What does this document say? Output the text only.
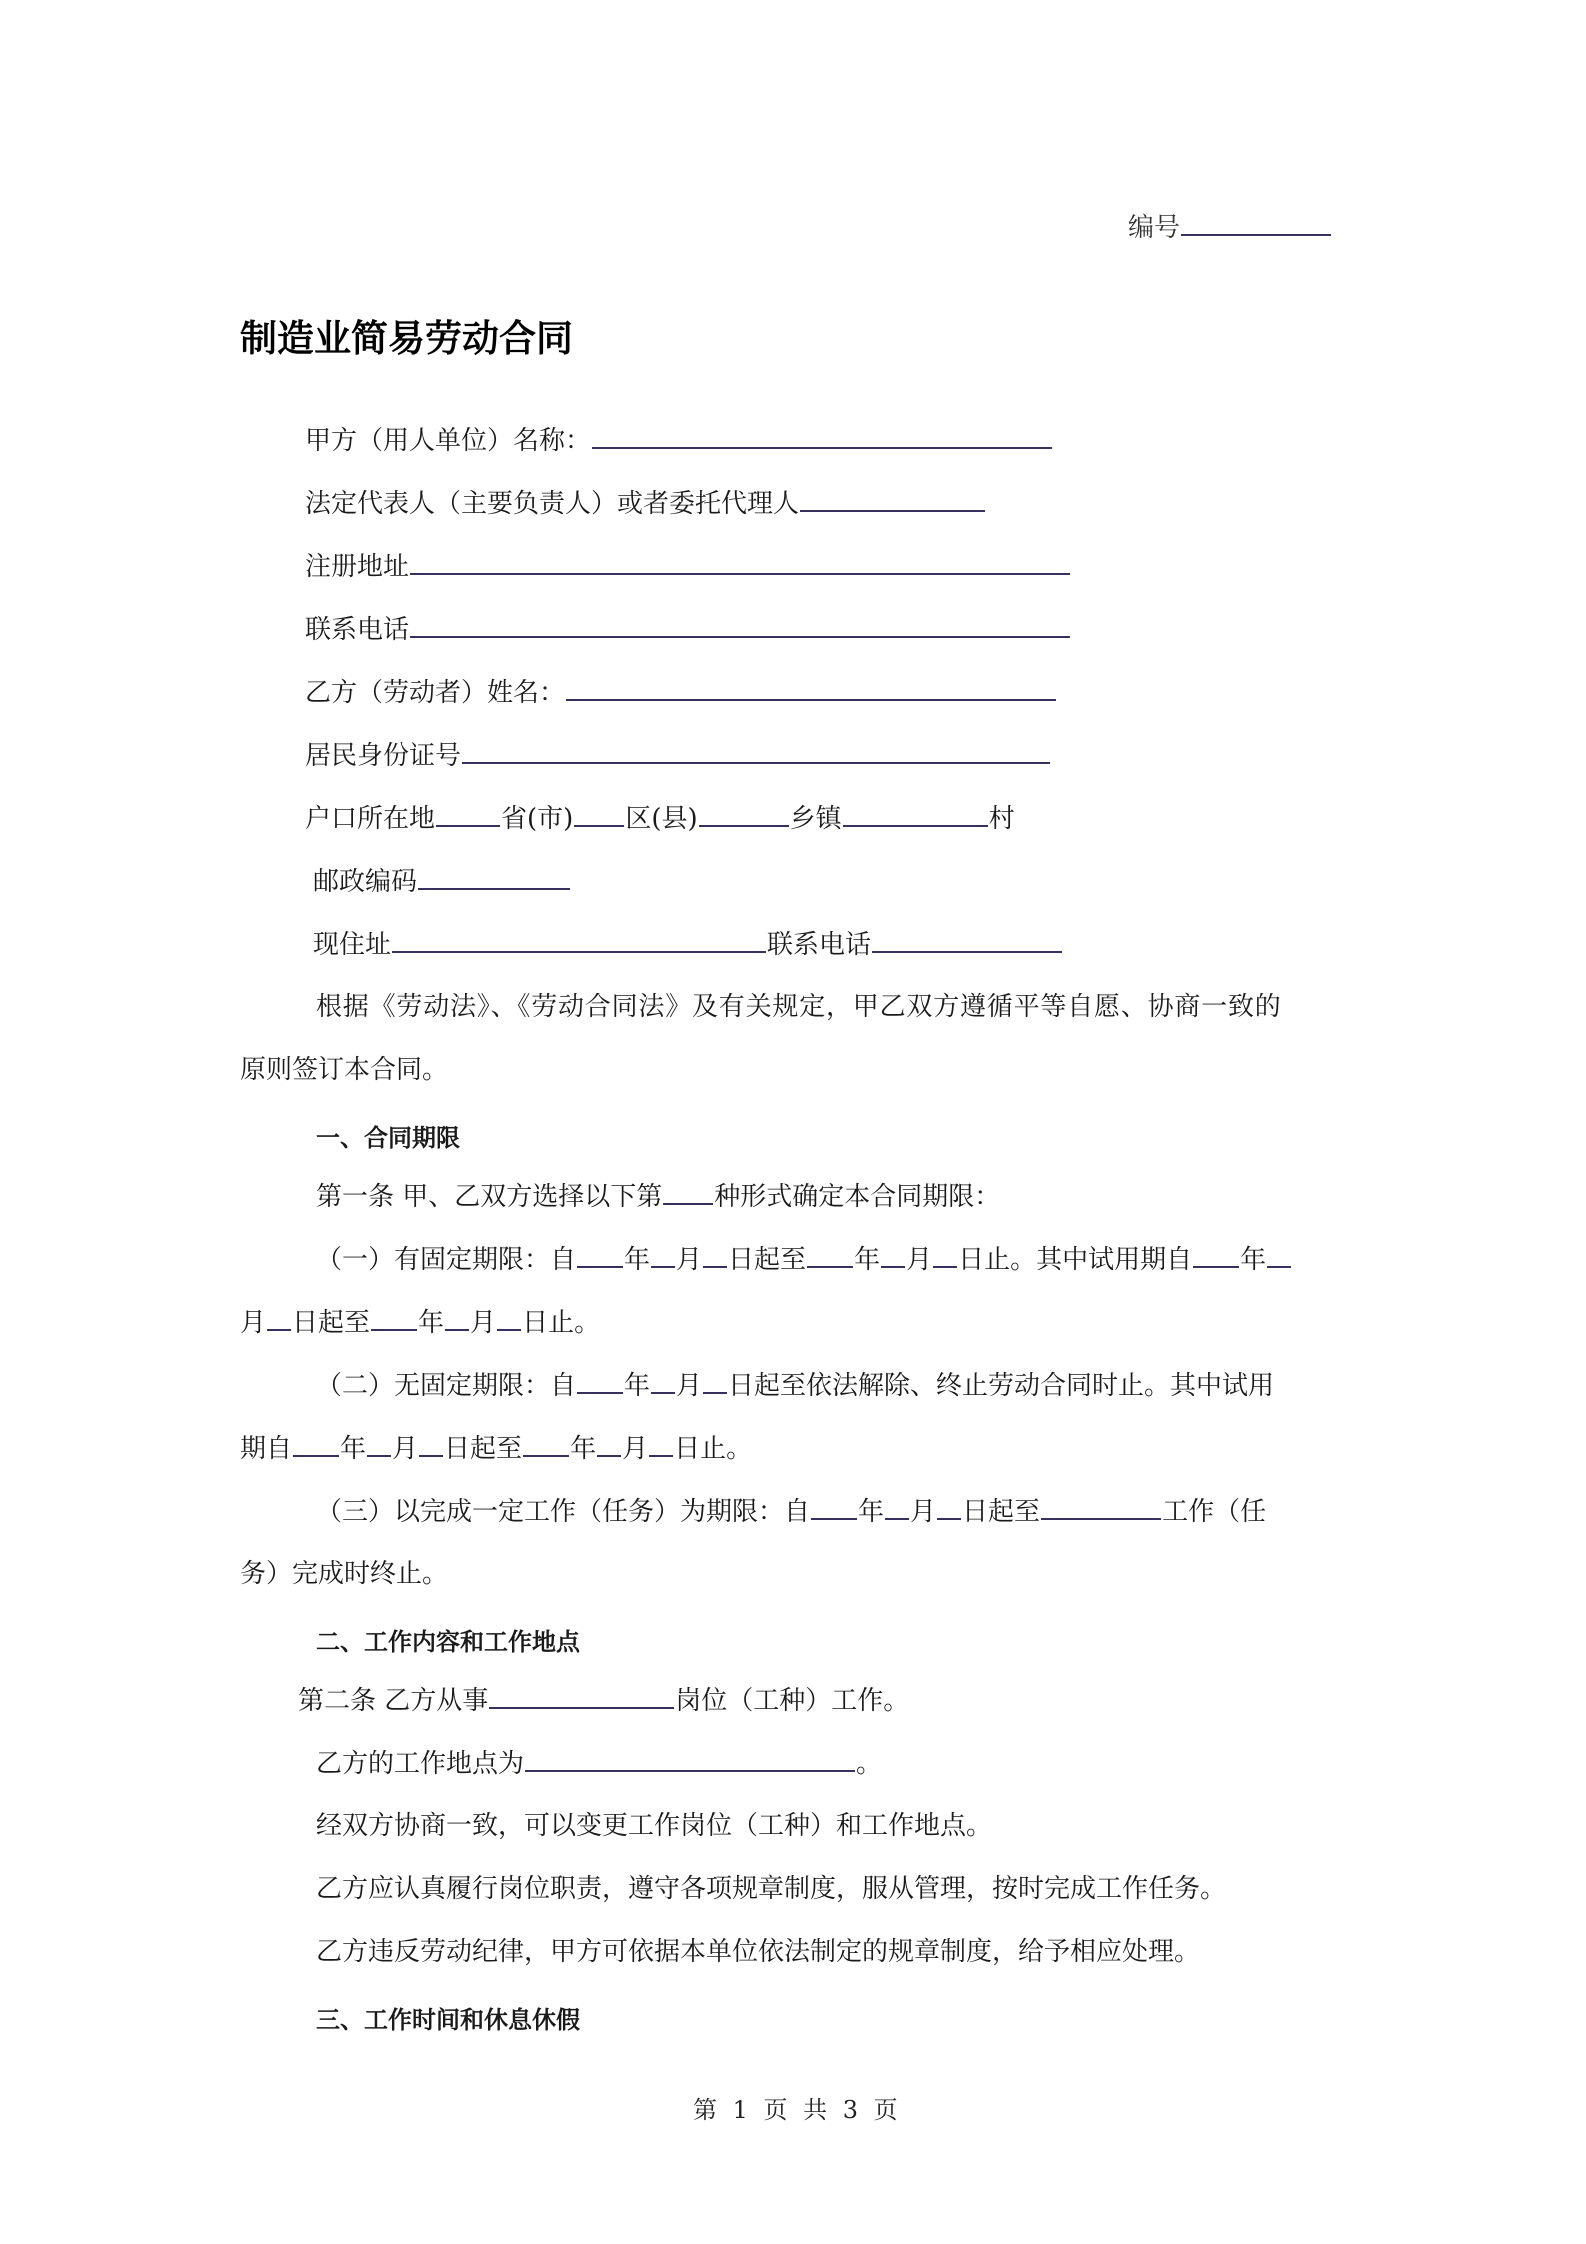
编号
制造业简易劳动合同
甲方（用人单位）名称：
法定代表人（主要负责人）或者委托代理人
注册地址
联系电话
乙方（劳动者）姓名：
居民身份证号
户口所在地	省(市) 区(县)	乡镇	村
邮政编码
现住址	联系电话
根据《劳动法》、《劳动合同法》及有关规定，甲乙双方遵循平等自愿、协商一致的
原则签订本合同。
一、合同期限
第一条 甲、乙双方选择以下第 种形式确定本合同期限：
（一）有固定期限：自 年 月 日起至 年 月 日止。其中试用期自 年
月 日起至 年 月 日止。
（二）无固定期限：自 年 月 日起至依法解除、终止劳动合同时止。其中试用
期自 年 月 日起至 年 月 日止。
（三）以完成一定工作（任务）为期限：自 年 月 日起至	工作（任
务）完成时终止。
二、工作内容和工作地点
第二条 乙方从事	岗位（工种）工作。
乙方的工作地点为	。
经双方协商一致，可以变更工作岗位（工种）和工作地点。
乙方应认真履行岗位职责，遵守各项规章制度，服从管理，按时完成工作任务。
乙方违反劳动纪律，甲方可依据本单位依法制定的规章制度，给予相应处理。
三、工作时间和休息休假
第 1 页 共 3 页
